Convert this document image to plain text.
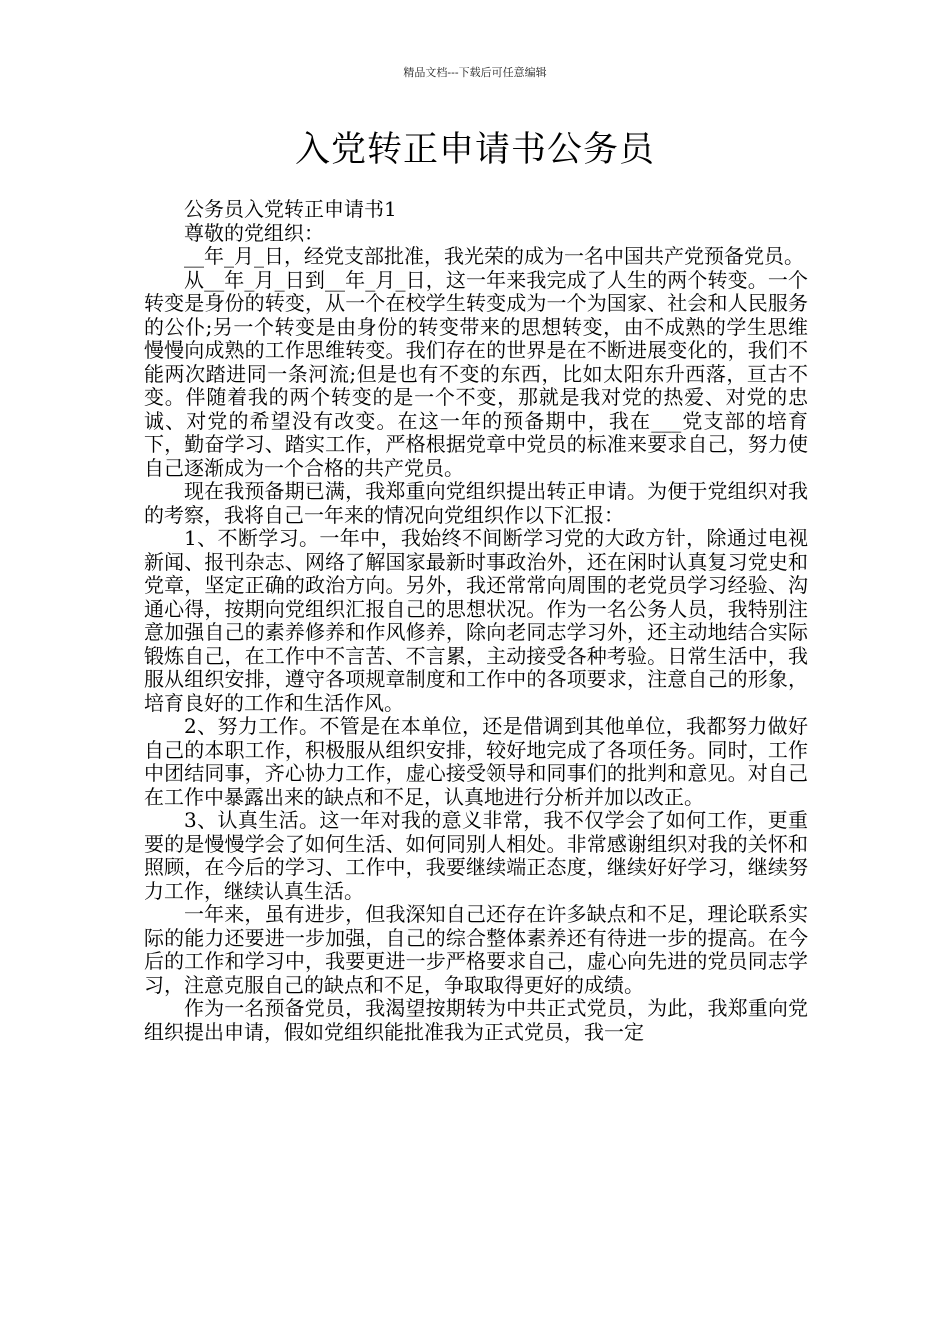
精品文档---下载后可任意编辑
入党转正申请书公务员

公务员入党转正申请书1

尊敬的党组织：

__年_月_日，经党支部批准，我光荣的成为一名中国共产党预备党员。

从__年_月_日到__年_月_日，这一年来我完成了人生的两个转变。一个转变是身份的转变，从一个在校学生转变成为一个为国家、社会和人民服务的公仆;另一个转变是由身份的转变带来的思想转变，由不成熟的学生思维慢慢向成熟的工作思维转变。我们存在的世界是在不断进展变化的，我们不能两次踏进同一条河流;但是也有不变的东西，比如太阳东升西落，亘古不变。伴随着我的两个转变的是一个不变，那就是我对党的热爱、对党的忠诚、对党的希望没有改变。在这一年的预备期中，我在___党支部的培育下，勤奋学习、踏实工作，严格根据党章中党员的标准来要求自己，努力使自己逐渐成为一个合格的共产党员。

现在我预备期已满，我郑重向党组织提出转正申请。为便于党组织对我的考察，我将自己一年来的情况向党组织作以下汇报：

1、不断学习。一年中，我始终不间断学习党的大政方针，除通过电视新闻、报刊杂志、网络了解国家最新时事政治外，还在闲时认真复习党史和党章，坚定正确的政治方向。另外，我还常常向周围的老党员学习经验、沟通心得，按期向党组织汇报自己的思想状况。作为一名公务人员，我特别注意加强自己的素养修养和作风修养，除向老同志学习外，还主动地结合实际锻炼自己，在工作中不言苦、不言累，主动接受各种考验。日常生活中，我服从组织安排，遵守各项规章制度和工作中的各项要求，注意自己的形象，培育良好的工作和生活作风。

2、努力工作。不管是在本单位，还是借调到其他单位，我都努力做好自己的本职工作，积极服从组织安排，较好地完成了各项任务。同时，工作中团结同事，齐心协力工作，虚心接受领导和同事们的批判和意见。对自己在工作中暴露出来的缺点和不足，认真地进行分析并加以改正。

3、认真生活。这一年对我的意义非常，我不仅学会了如何工作，更重要的是慢慢学会了如何生活、如何同别人相处。非常感谢组织对我的关怀和照顾，在今后的学习、工作中，我要继续端正态度，继续好好学习，继续努力工作，继续认真生活。

一年来，虽有进步，但我深知自己还存在许多缺点和不足，理论联系实际的能力还要进一步加强，自己的综合整体素养还有待进一步的提高。在今后的工作和学习中，我要更进一步严格要求自己，虚心向先进的党员同志学习，注意克服自己的缺点和不足，争取取得更好的成绩。

作为一名预备党员，我渴望按期转为中共正式党员，为此，我郑重向党组织提出申请，假如党组织能批准我为正式党员，我一定
